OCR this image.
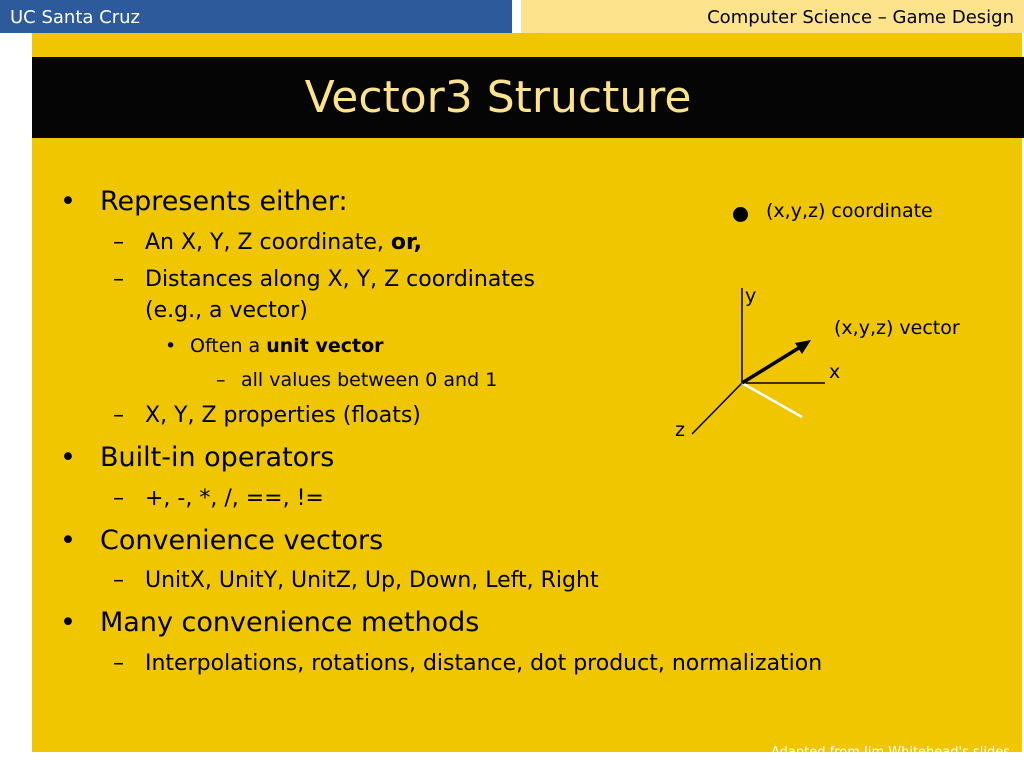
UC Santa Cruz	Computer Science – Game Design
Vector3 Structure
• Represents either:
– An X, Y, Z coordinate, or,
– Distances along X, Y, Z coordinates
(e.g., a vector)
• Often a unit vector
– all values between 0 and 1
– X, Y, Z properties (floats)
• Built-in operators
– +, -, *, /, ==, !=
• Convenience vectors
– UnitX, UnitY, UnitZ, Up, Down, Left, Right
• Many convenience methods
– Interpolations, rotations, distance, dot product, normalization
(x,y,z) coordinate
y
(x,y,z) vector
x
z
Adapted from Jim Whitehead's slides
